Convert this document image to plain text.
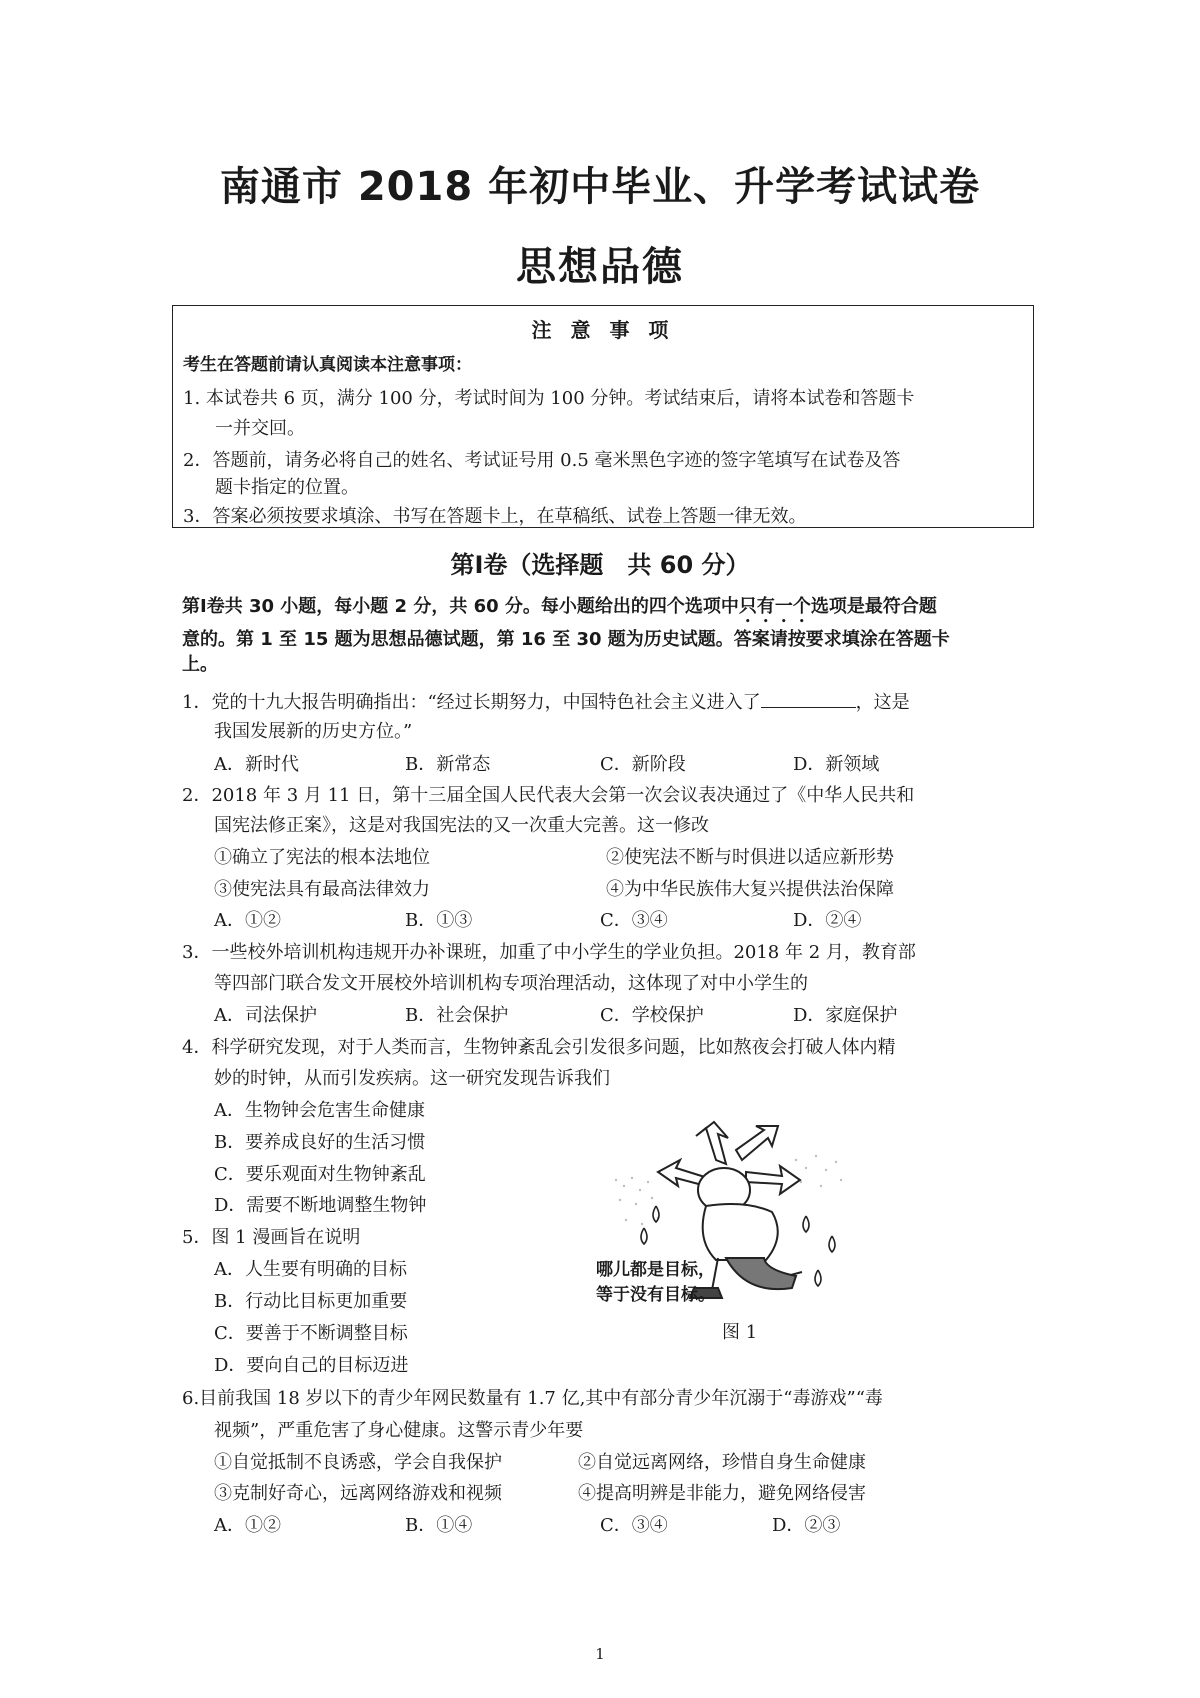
南通市 2018 年初中毕业、升学考试试卷
思想品德
注 意 事 项
考生在答题前请认真阅读本注意事项：
1. 本试卷共 6 页，满分 100 分，考试时间为 100 分钟。考试结束后，请将本试卷和答题卡
一并交回。
2．答题前，请务必将自己的姓名、考试证号用 0.5 毫米黑色字迹的签字笔填写在试卷及答
题卡指定的位置。
3．答案必须按要求填涂、书写在答题卡上，在草稿纸、试卷上答题一律无效。
第Ⅰ卷（选择题　共 60 分）
第Ⅰ卷共 30 小题，每小题 2 分，共 60 分。每小题给出的四个选项中只有一个选项是最符合题
意的。第 1 至 15 题为思想品德试题，第 16 至 30 题为历史试题。答案请按要求填涂在答题卡
上。
1．党的十九大报告明确指出：“经过长期努力，中国特色社会主义进入了	，这是
我国发展新的历史方位。”
A．新时代	B．新常态	C．新阶段	D．新领域
2．2018 年 3 月 11 日，第十三届全国人民代表大会第一次会议表决通过了《中华人民共和
国宪法修正案》，这是对我国宪法的又一次重大完善。这一修改
①确立了宪法的根本法地位	②使宪法不断与时俱进以适应新形势
③使宪法具有最高法律效力	④为中华民族伟大复兴提供法治保障
A．①②	B．①③	C．③④	D．②④
3．一些校外培训机构违规开办补课班，加重了中小学生的学业负担。2018 年 2 月，教育部
等四部门联合发文开展校外培训机构专项治理活动，这体现了对中小学生的
A．司法保护	B．社会保护	C．学校保护	D．家庭保护
4．科学研究发现，对于人类而言，生物钟紊乱会引发很多问题，比如熬夜会打破人体内精
妙的时钟，从而引发疾病。这一研究发现告诉我们
A．生物钟会危害生命健康
B．要养成良好的生活习惯
C．要乐观面对生物钟紊乱
D．需要不断地调整生物钟
5．图 1 漫画旨在说明
A．人生要有明确的目标
B．行动比目标更加重要
C．要善于不断调整目标
D．要向自己的目标迈进
哪儿都是目标，
等于没有目标。
图 1
6.目前我国 18 岁以下的青少年网民数量有 1.7 亿,其中有部分青少年沉溺于“毒游戏”“毒
视频”，严重危害了身心健康。这警示青少年要
①自觉抵制不良诱惑，学会自我保护	②自觉远离网络，珍惜自身生命健康
③克制好奇心，远离网络游戏和视频	④提高明辨是非能力，避免网络侵害
A．①②	B．①④	C．③④	D．②③
1
